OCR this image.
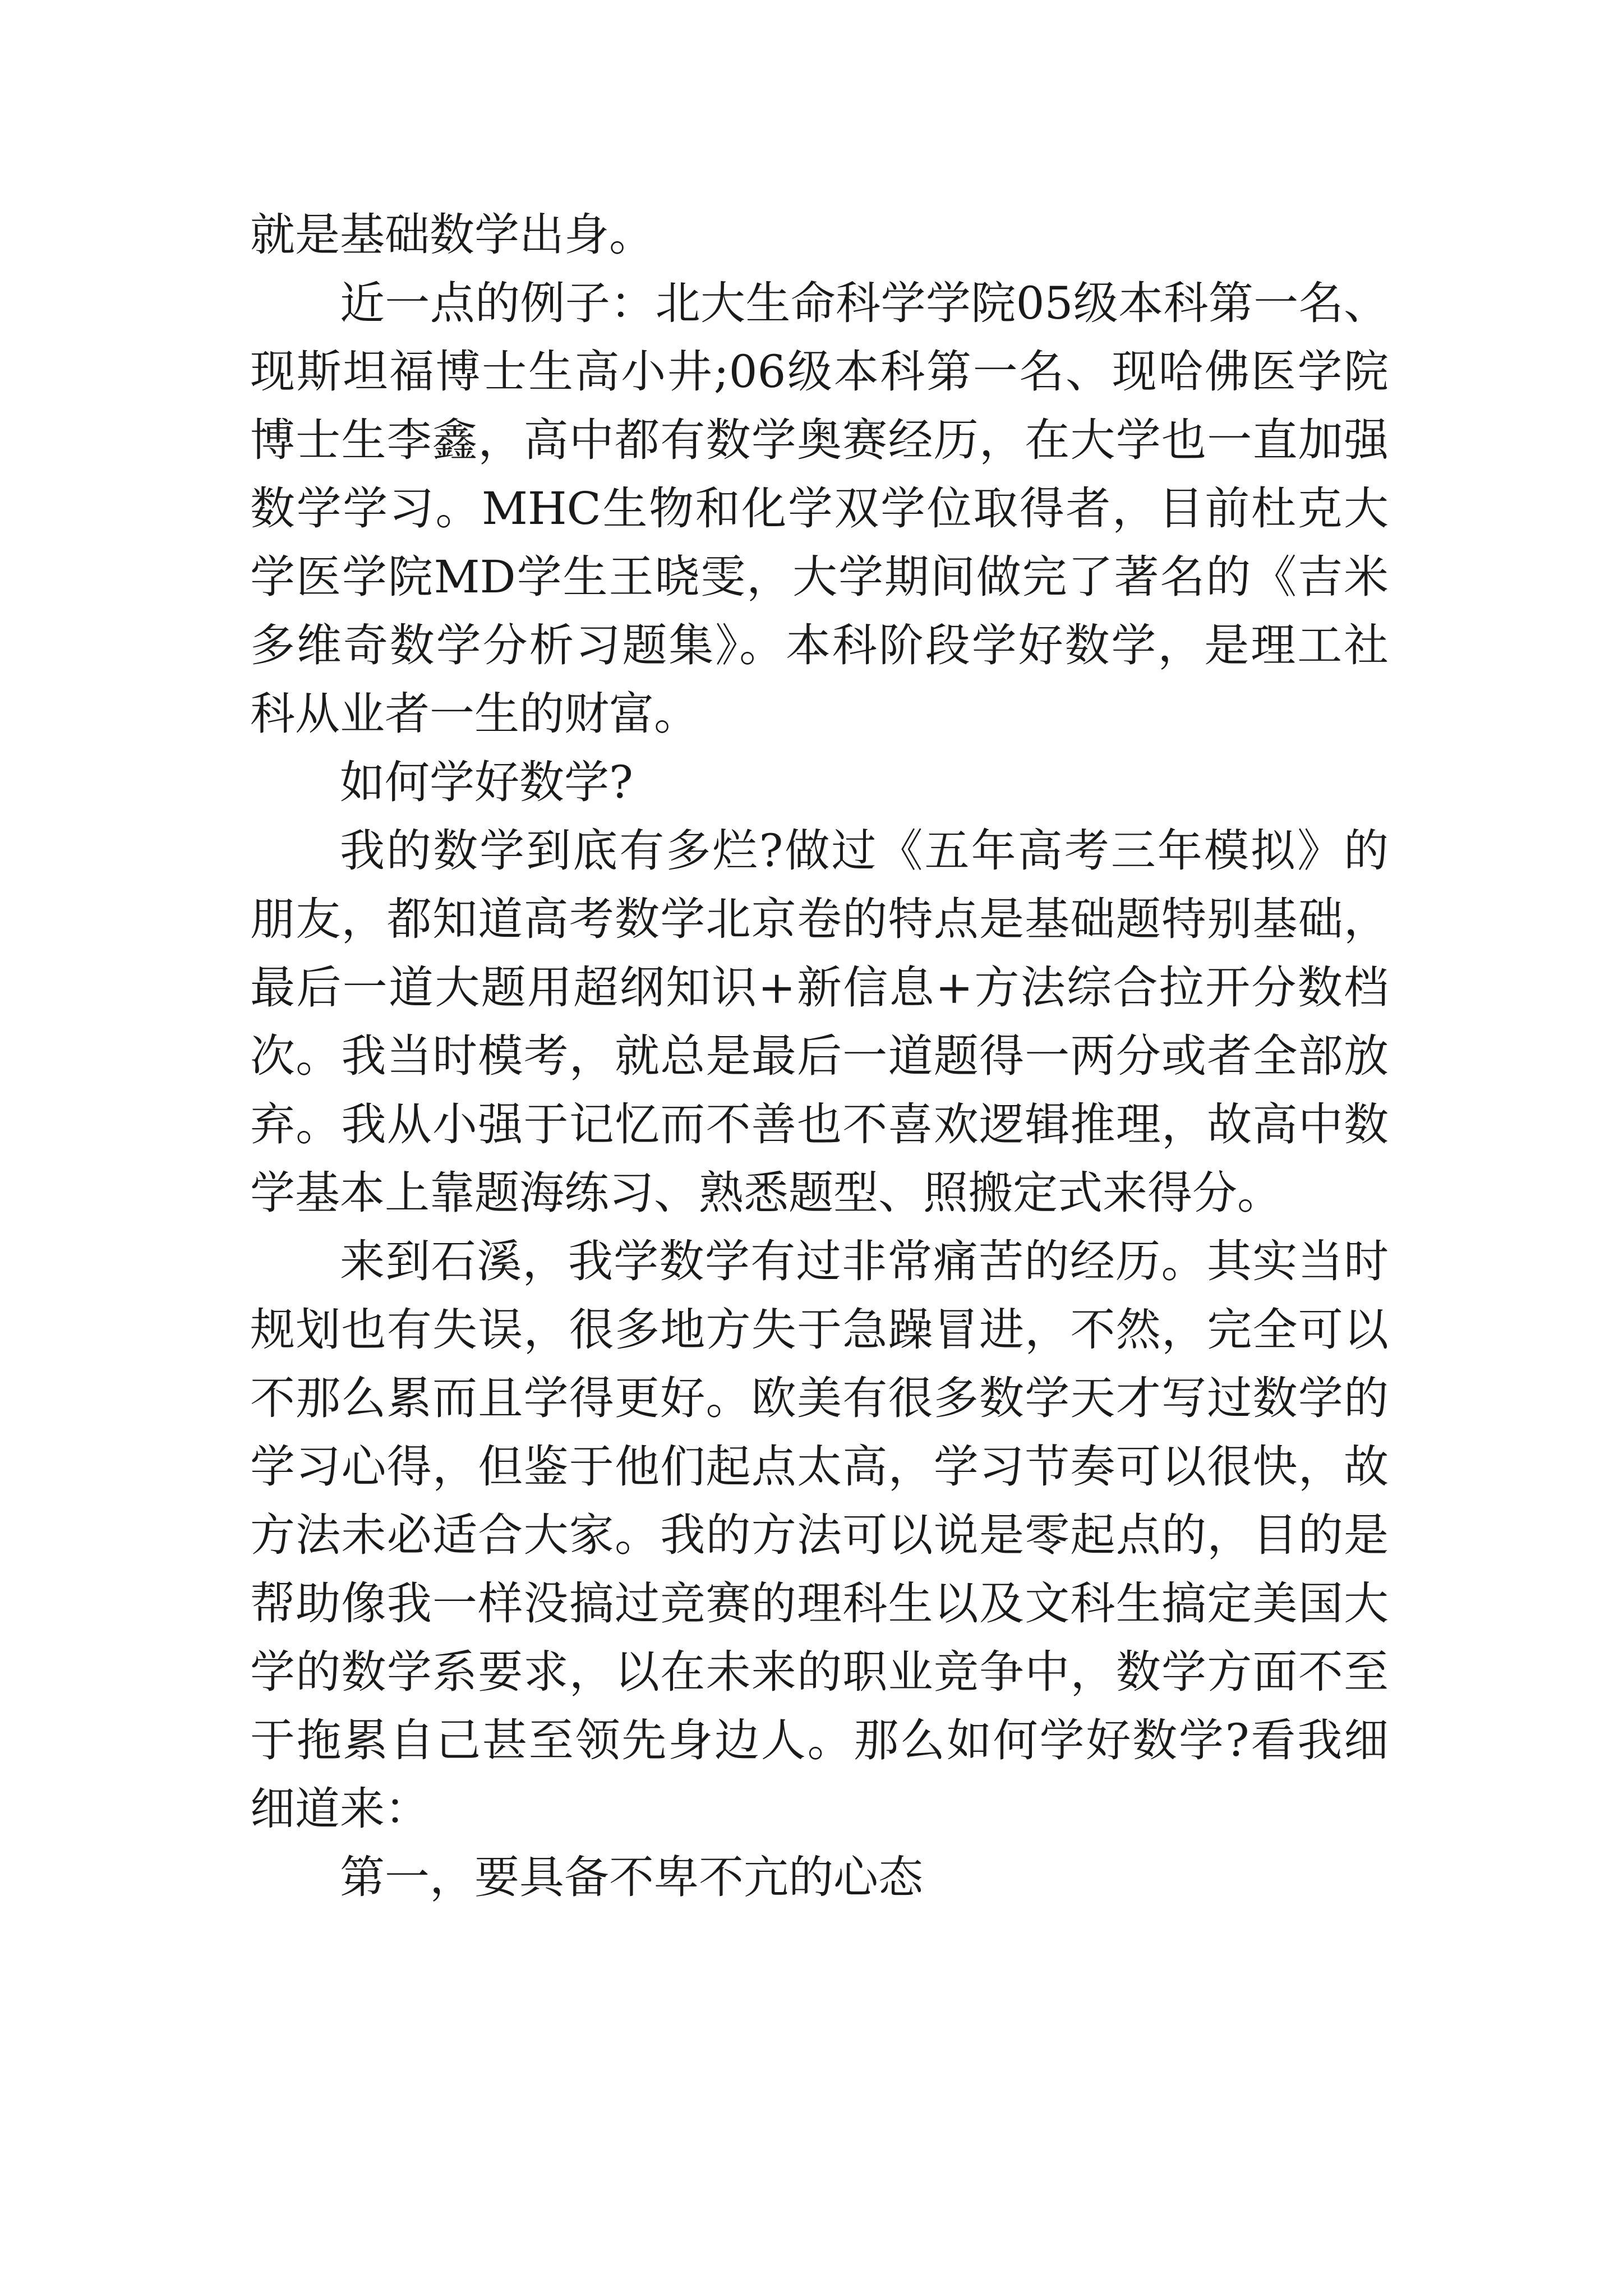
就是基础数学出身。

近一点的例子：北大生命科学学院05级本科第一名、现斯坦福博士生高小井;06级本科第一名、现哈佛医学院博士生李鑫，高中都有数学奥赛经历，在大学也一直加强数学学习。MHC生物和化学双学位取得者，目前杜克大学医学院MD学生王晓雯，大学期间做完了著名的《吉米多维奇数学分析习题集》。本科阶段学好数学，是理工社科从业者一生的财富。

如何学好数学?

我的数学到底有多烂?做过《五年高考三年模拟》的朋友，都知道高考数学北京卷的特点是基础题特别基础，最后一道大题用超纲知识+新信息+方法综合拉开分数档次。我当时模考，就总是最后一道题得一两分或者全部放弃。我从小强于记忆而不善也不喜欢逻辑推理，故高中数学基本上靠题海练习、熟悉题型、照搬定式来得分。

来到石溪，我学数学有过非常痛苦的经历。其实当时规划也有失误，很多地方失于急躁冒进，不然，完全可以不那么累而且学得更好。欧美有很多数学天才写过数学的学习心得，但鉴于他们起点太高，学习节奏可以很快，故方法未必适合大家。我的方法可以说是零起点的，目的是帮助像我一样没搞过竞赛的理科生以及文科生搞定美国大学的数学系要求，以在未来的职业竞争中，数学方面不至于拖累自己甚至领先身边人。那么如何学好数学?看我细细道来：

第一，要具备不卑不亢的心态
